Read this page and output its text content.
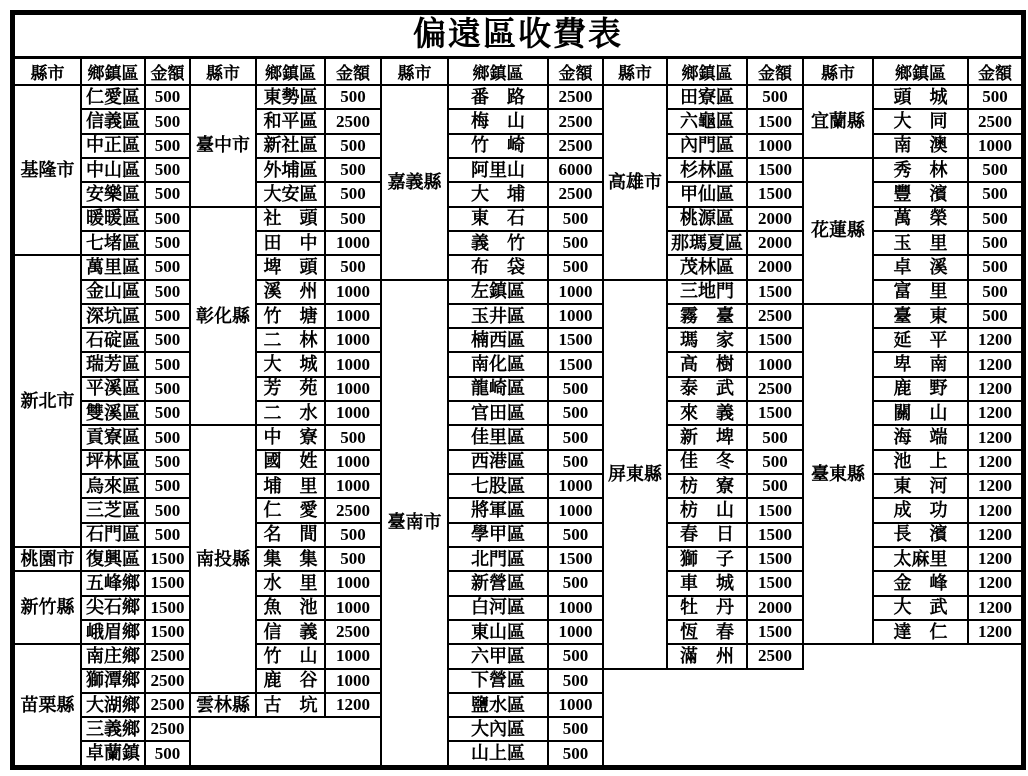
偏遠區收費表
縣市	鄉鎮區	金額	縣市	鄉鎮區	金額	縣市	鄉鎮區	金額	縣市	鄉鎮區	金額	縣市	鄉鎮區	金額
基隆市	仁愛區	500	臺中市	東勢區	500	嘉義縣	番　路	2500	高雄市	田寮區	500	宜蘭縣	頭　城	500
	信義區	500		和平區	2500		梅　山	2500		六龜區	1500		大　同	2500
	中正區	500		新社區	500		竹　崎	2500		內門區	1000		南　澳	1000
	中山區	500		外埔區	500		阿里山	6000		杉林區	1500	花蓮縣	秀　林	500
	安樂區	500		大安區	500		大　埔	2500		甲仙區	1500		豐　濱	500
	暖暖區	500	彰化縣	社　頭	500		東　石	500		桃源區	2000		萬　榮	500
	七堵區	500		田　中	1000		義　竹	500		那瑪夏區	2000		玉　里	500
新北市	萬里區	500		埤　頭	500		布　袋	500		茂林區	2000		卓　溪	500
	金山區	500		溪　州	1000	臺南市	左鎮區	1000	屏東縣	三地門	1500		富　里	500
	深坑區	500		竹　塘	1000		玉井區	1000		霧　臺	2500	臺東縣	臺　東	500
	石碇區	500		二　林	1000		楠西區	1500		瑪　家	1500		延　平	1200
	瑞芳區	500		大　城	1000		南化區	1500		高　樹	1000		卑　南	1200
	平溪區	500		芳　苑	1000		龍崎區	500		泰　武	2500		鹿　野	1200
	雙溪區	500		二　水	1000		官田區	500		來　義	1500		關　山	1200
	貢寮區	500	南投縣	中　寮	500		佳里區	500		新　埤	500		海　端	1200
	坪林區	500		國　姓	1000		西港區	500		佳　冬	500		池　上	1200
	烏來區	500		埔　里	1000		七股區	1000		枋　寮	500		東　河	1200
	三芝區	500		仁　愛	2500		將軍區	1000		枋　山	1500		成　功	1200
	石門區	500		名　間	500		學甲區	500		春　日	1500		長　濱	1200
桃園市	復興區	1500		集　集	500		北門區	1500		獅　子	1500		太麻里	1200
新竹縣	五峰鄉	1500		水　里	1000		新營區	500		車　城	1500		金　峰	1200
	尖石鄉	1500		魚　池	1000		白河區	1000		牡　丹	2000		大　武	1200
	峨眉鄉	1500		信　義	2500		東山區	1000		恆　春	1500		達　仁	1200
苗栗縣	南庄鄉	2500		竹　山	1000		六甲區	500		滿　州	2500			
	獅潭鄉	2500		鹿　谷	1000		下營區	500						
	大湖鄉	2500	雲林縣	古　坑	1200		鹽水區	1000						
	三義鄉	2500					大內區	500						
	卓蘭鎮	500					山上區	500						
